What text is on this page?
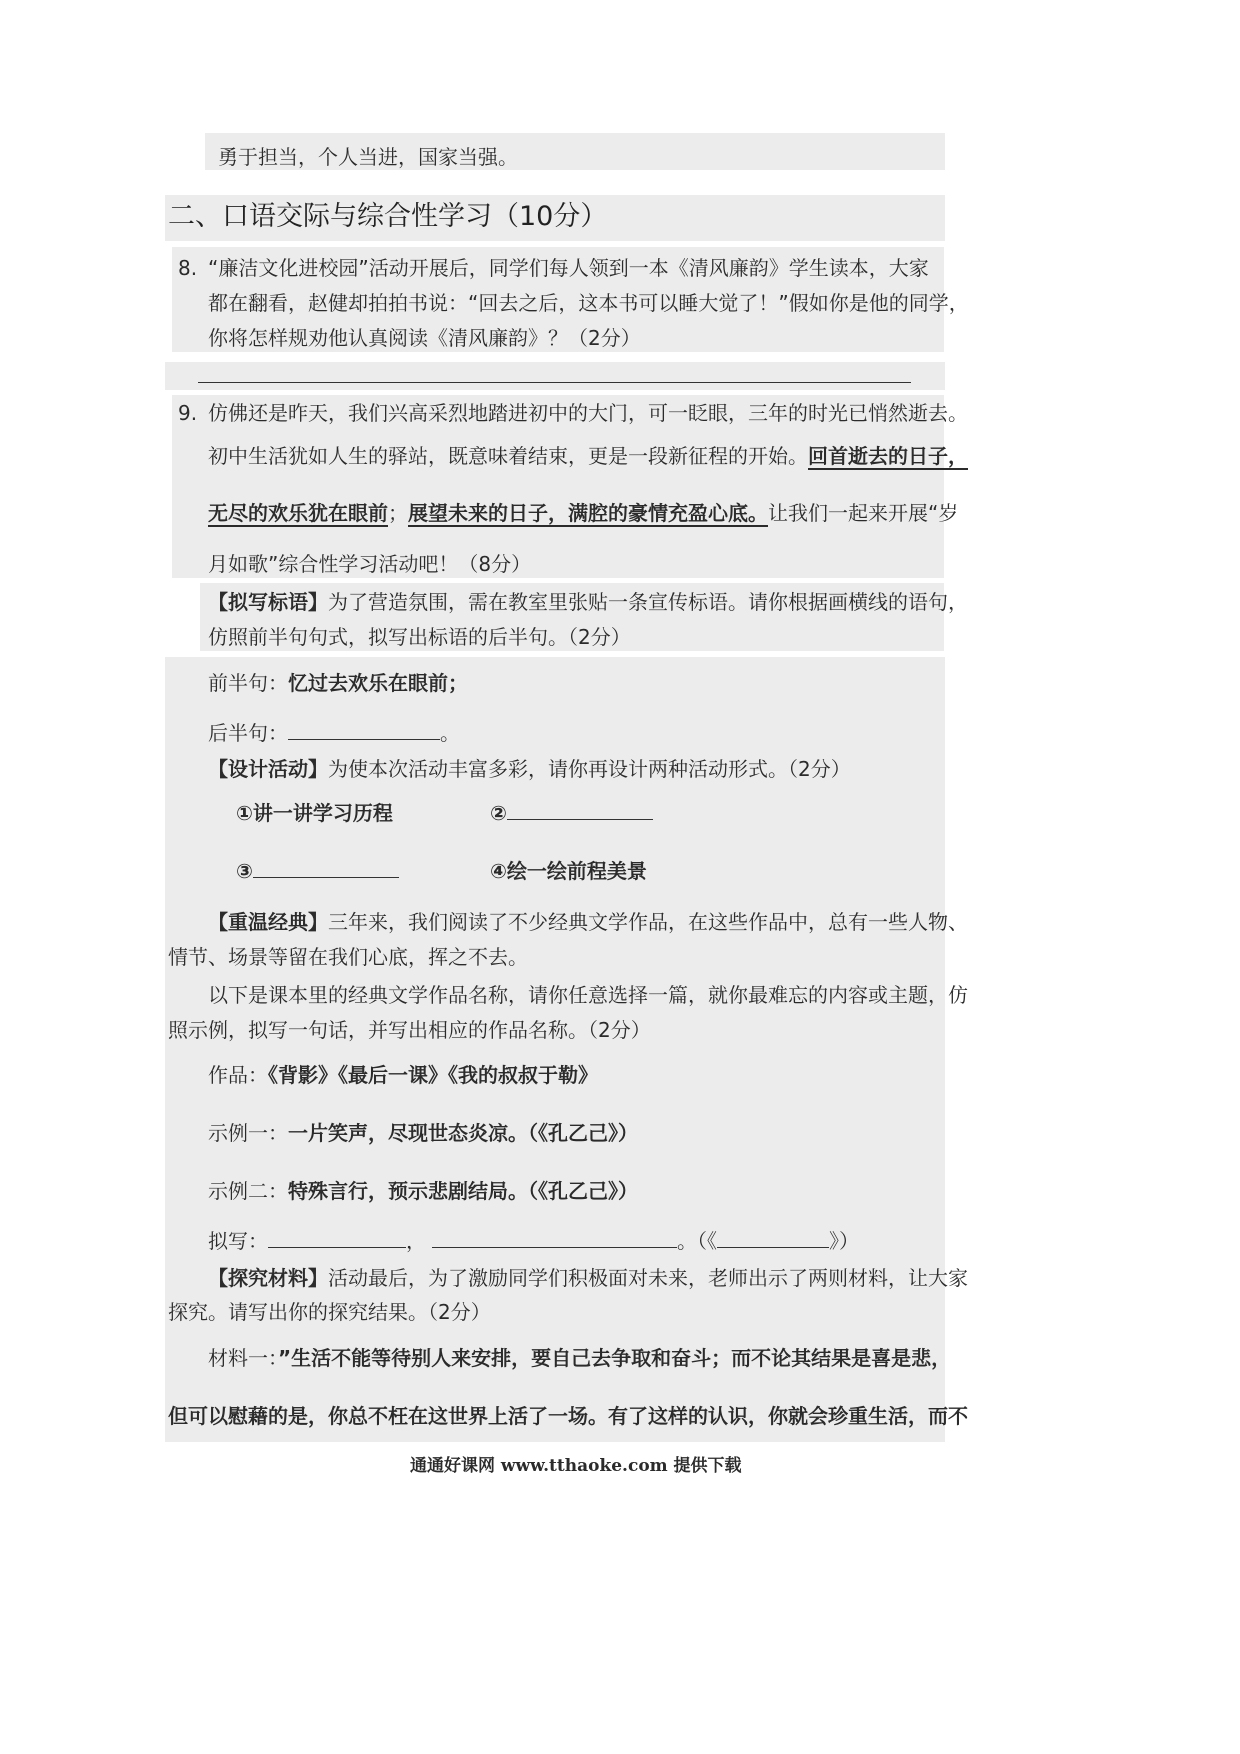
勇于担当，个人当进，国家当强。
二、口语交际与综合性学习（10分）
8. “廉洁文化进校园”活动开展后，同学们每人领到一本《清风廉韵》学生读本，大家
都在翻看，赵健却拍拍书说：“回去之后，这本书可以睡大觉了！”假如你是他的同学，
你将怎样规劝他认真阅读《清风廉韵》？（2分）
9. 仿佛还是昨天，我们兴高采烈地踏进初中的大门，可一眨眼，三年的时光已悄然逝去。
初中生活犹如人生的驿站，既意味着结束，更是一段新征程的开始。回首逝去的日子，
无尽的欢乐犹在眼前；展望未来的日子，满腔的豪情充盈心底。让我们一起来开展“岁
月如歌”综合性学习活动吧！（8分）
【拟写标语】为了营造氛围，需在教室里张贴一条宣传标语。请你根据画横线的语句，
仿照前半句句式，拟写出标语的后半句。（2分）
前半句：忆过去欢乐在眼前；
后半句：	。
【设计活动】为使本次活动丰富多彩，请你再设计两种活动形式。（2分）
①讲一讲学习历程	②
③	④绘一绘前程美景
【重温经典】三年来，我们阅读了不少经典文学作品，在这些作品中，总有一些人物、
情节、场景等留在我们心底，挥之不去。
以下是课本里的经典文学作品名称，请你任意选择一篇，就你最难忘的内容或主题，仿
照示例，拟写一句话，并写出相应的作品名称。（2分）
作品：《背影》《最后一课》《我的叔叔于勒》
示例一：一片笑声，尽现世态炎凉。（《孔乙己》）
示例二：特殊言行，预示悲剧结局。（《孔乙己》）
拟写：	，	。（《	》）
【探究材料】活动最后，为了激励同学们积极面对未来，老师出示了两则材料，让大家
探究。请写出你的探究结果。（2分）
材料一：”生活不能等待别人来安排，要自己去争取和奋斗；而不论其结果是喜是悲，
但可以慰藉的是，你总不枉在这世界上活了一场。有了这样的认识，你就会珍重生活，而不
通通好课网 www.tthaoke.com 提供下载
